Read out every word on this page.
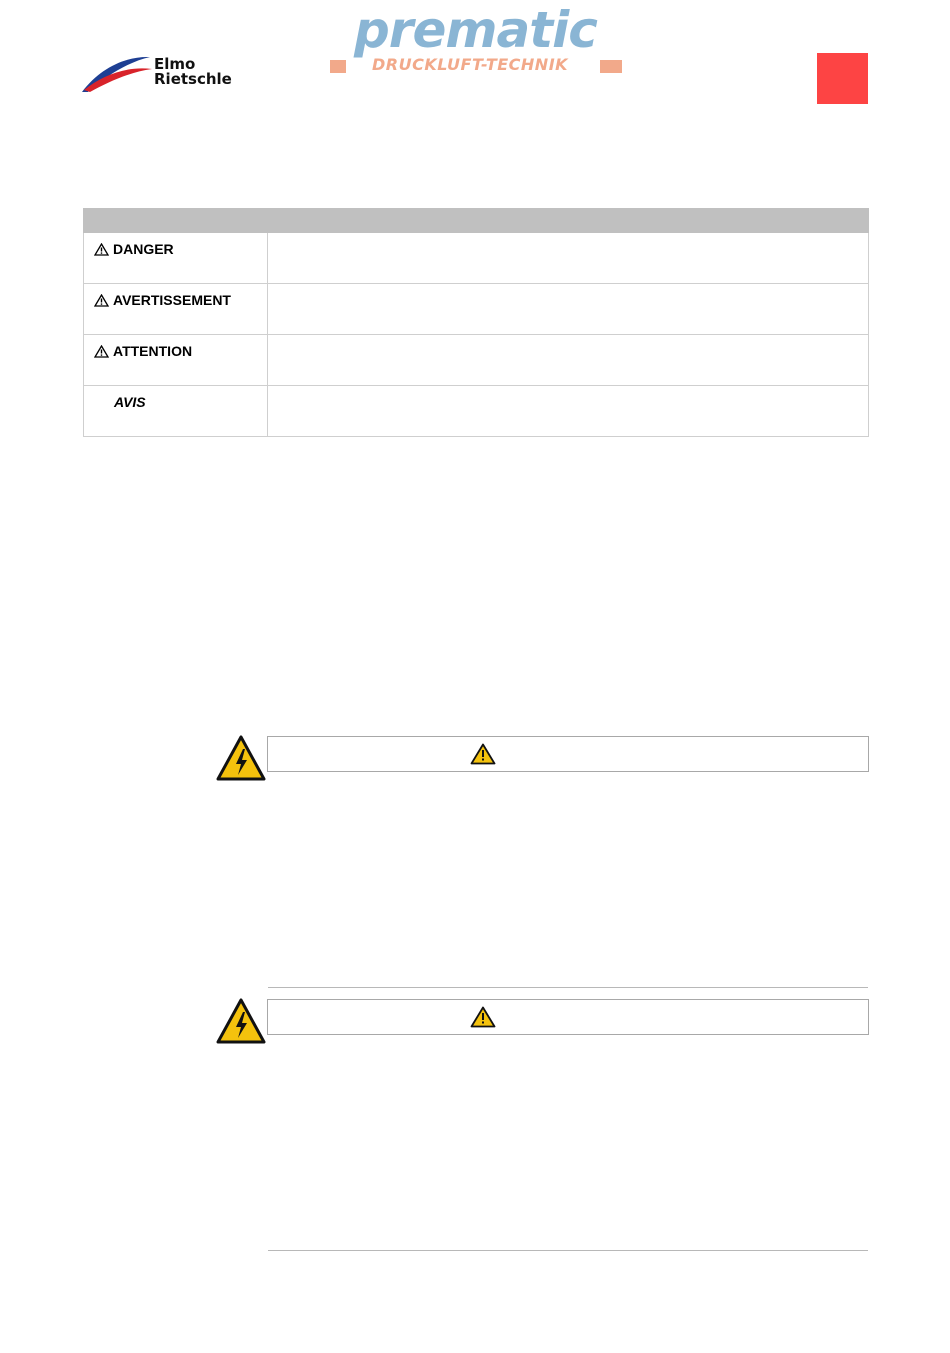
Elmo
Rietschle
prematic
DRUCKLUFT-TECHNIK

DANGER	
AVERTISSEMENT	
ATTENTION	
AVIS	
